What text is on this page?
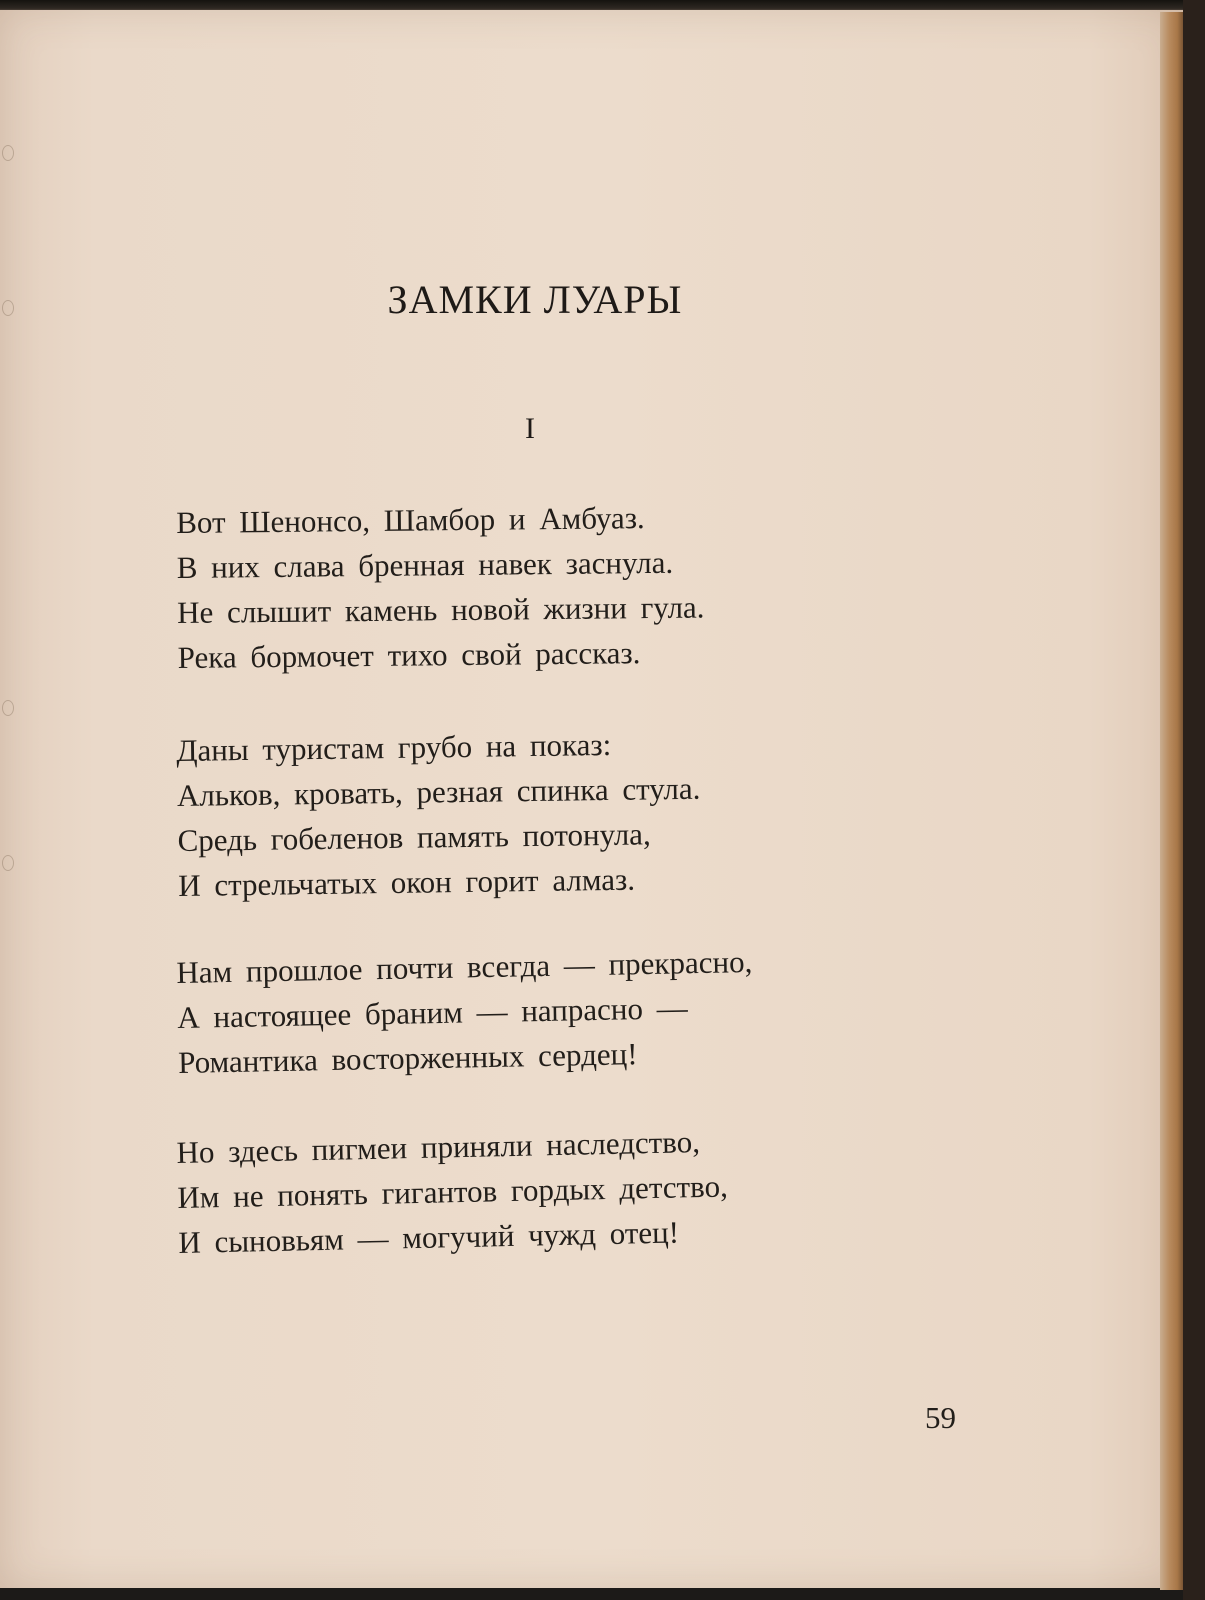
ЗАМКИ ЛУАРЫ
I
Вот Шенонсо, Шамбор и Амбуаз.
В них слава бренная навек заснула.
Не слышит камень новой жизни гула.
Река бормочет тихо свой рассказ.
Даны туристам грубо на показ:
Альков, кровать, резная спинка стула.
Средь гобеленов память потонула,
И стрельчатых окон горит алмаз.
Нам прошлое почти всегда — прекрасно,
А настоящее браним — напрасно —
Романтика восторженных сердец!
Но здесь пигмеи приняли наследство,
Им не понять гигантов гордых детство,
И сыновьям — могучий чужд отец!
59
